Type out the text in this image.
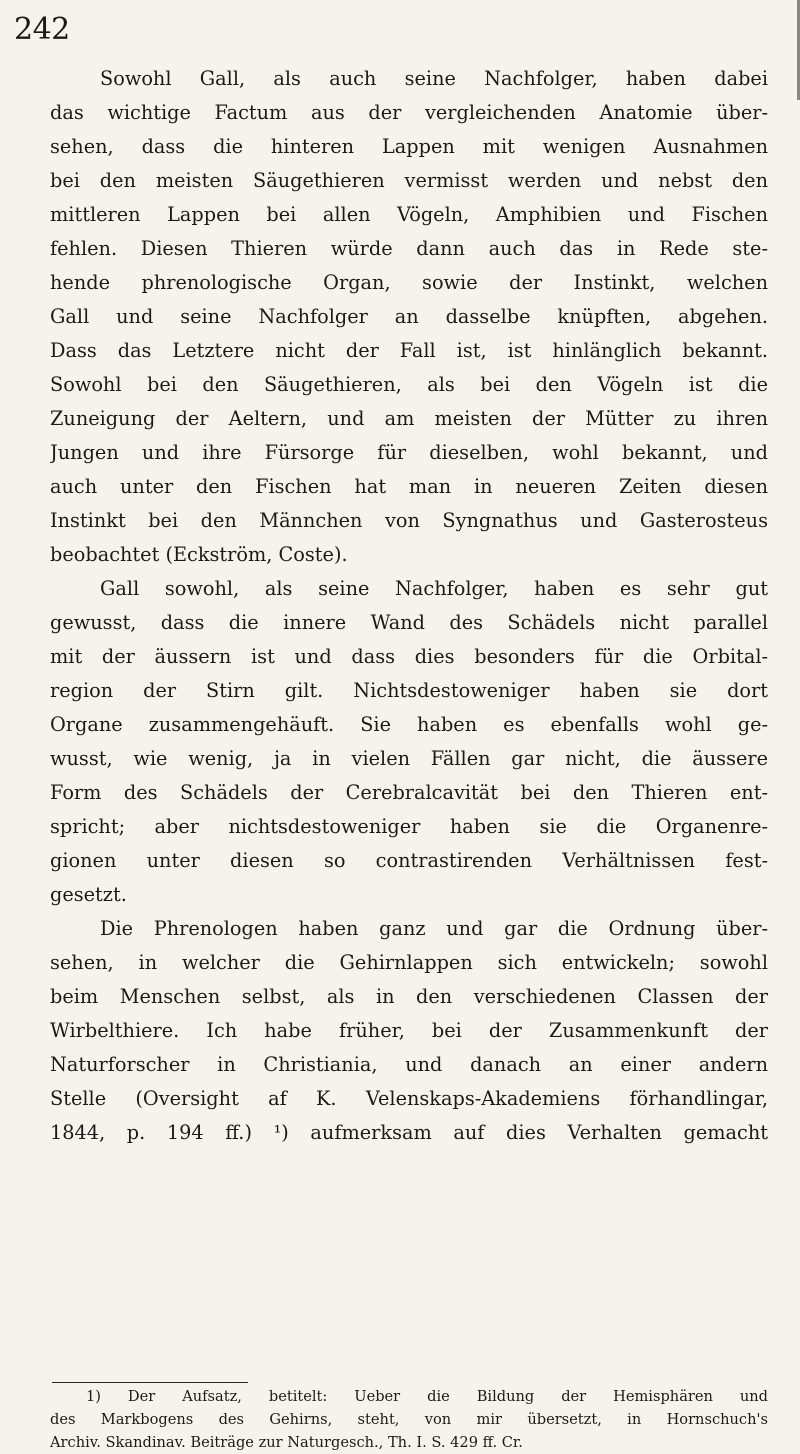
242
Sowohl Gall, als auch seine Nachfolger, haben dabei
das wichtige Factum aus der vergleichenden Anatomie über-
sehen, dass die hinteren Lappen mit wenigen Ausnahmen
bei den meisten Säugethieren vermisst werden und nebst den
mittleren Lappen bei allen Vögeln, Amphibien und Fischen
fehlen. Diesen Thieren würde dann auch das in Rede ste-
hende phrenologische Organ, sowie der Instinkt, welchen
Gall und seine Nachfolger an dasselbe knüpften, abgehen.
Dass das Letztere nicht der Fall ist, ist hinlänglich bekannt.
Sowohl bei den Säugethieren, als bei den Vögeln ist die
Zuneigung der Aeltern, und am meisten der Mütter zu ihren
Jungen und ihre Fürsorge für dieselben, wohl bekannt, und
auch unter den Fischen hat man in neueren Zeiten diesen
Instinkt bei den Männchen von Syngnathus und Gasterosteus
beobachtet (Eckström, Coste).
Gall sowohl, als seine Nachfolger, haben es sehr gut
gewusst, dass die innere Wand des Schädels nicht parallel
mit der äussern ist und dass dies besonders für die Orbital-
region der Stirn gilt. Nichtsdestoweniger haben sie dort
Organe zusammengehäuft. Sie haben es ebenfalls wohl ge-
wusst, wie wenig, ja in vielen Fällen gar nicht, die äussere
Form des Schädels der Cerebralcavität bei den Thieren ent-
spricht; aber nichtsdestoweniger haben sie die Organenre-
gionen unter diesen so contrastirenden Verhältnissen fest-
gesetzt.
Die Phrenologen haben ganz und gar die Ordnung über-
sehen, in welcher die Gehirnlappen sich entwickeln; sowohl
beim Menschen selbst, als in den verschiedenen Classen der
Wirbelthiere. Ich habe früher, bei der Zusammenkunft der
Naturforscher in Christiania, und danach an einer andern
Stelle (Oversight af K. Velenskaps-Akademiens förhandlingar,
1844, p. 194 ff.) ¹) aufmerksam auf dies Verhalten gemacht
1) Der Aufsatz, betitelt: Ueber die Bildung der Hemisphären und
des Markbogens des Gehirns, steht, von mir übersetzt, in Hornschuch's
Archiv. Skandinav. Beiträge zur Naturgesch., Th. I. S. 429 ff. Cr.
